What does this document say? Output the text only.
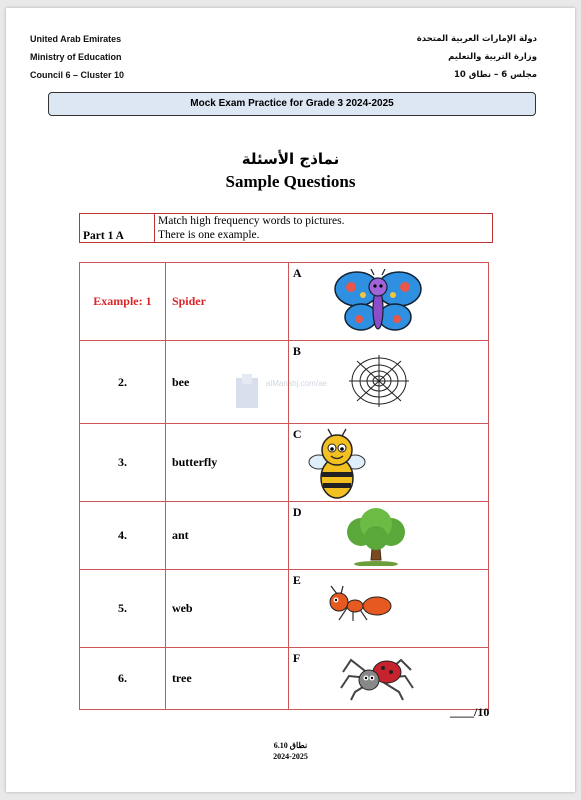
United Arab Emirates
Ministry of Education
Council 6 – Cluster 10
دولة الإمارات العربية المتحدة
وزارة التربية والتعليم
مجلس 6 – نطاق 10
Mock Exam Practice for Grade 3 2024-2025
نماذج الأسئلة
Sample Questions
Part 1 A	
Match high frequency words to pictures.
There is one example.
Example: 1	Spider	A

2.	bee	B

3.	butterfly	C

4.	ant	D

5.	web	E

6.	tree	F
alManahj.com/ae
____/10
نطاق 6.10
2024-2025
